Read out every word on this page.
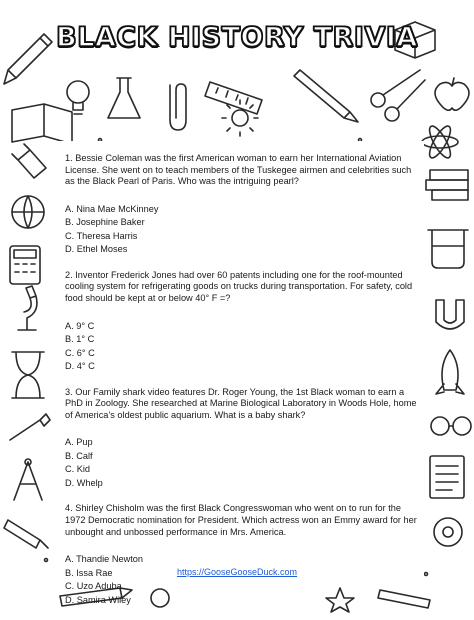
BLACK HISTORY TRIVIA

1. Bessie Coleman was the first American woman to earn her International Aviation License. She went on to teach members of the Tuskegee airmen and celebrities such as the Black Pearl of Paris. Who was the intriguing pearl?

A. Nina Mae McKinney
B. Josephine Baker
C. Theresa Harris
D. Ethel Moses

2. Inventor Frederick Jones had over 60 patents including one for the roof-mounted cooling system for refrigerating goods on trucks during transportation. For safety, cold food should be kept at or below 40° F =?

A. 9° C
B. 1° C
C. 6° C
D. 4° C

3. Our Family shark video features Dr. Roger Young, the 1st Black woman to earn a PhD in Zoology. She researched at Marine Biological Laboratory in Woods Hole, home of America’s oldest public aquarium. What is a baby shark?

A. Pup
B. Calf
C. Kid
D. Whelp

4. Shirley Chisholm was the first Black Congresswoman who went on to run for the 1972 Democratic nomination for President. Which actress won an Emmy award for her unbought and unbossed performance in Mrs. America.

A. Thandie Newton
B. Issa Rae
C. Uzo Aduba
D. Samira Wiley
https://GooseGooseDuck.com
